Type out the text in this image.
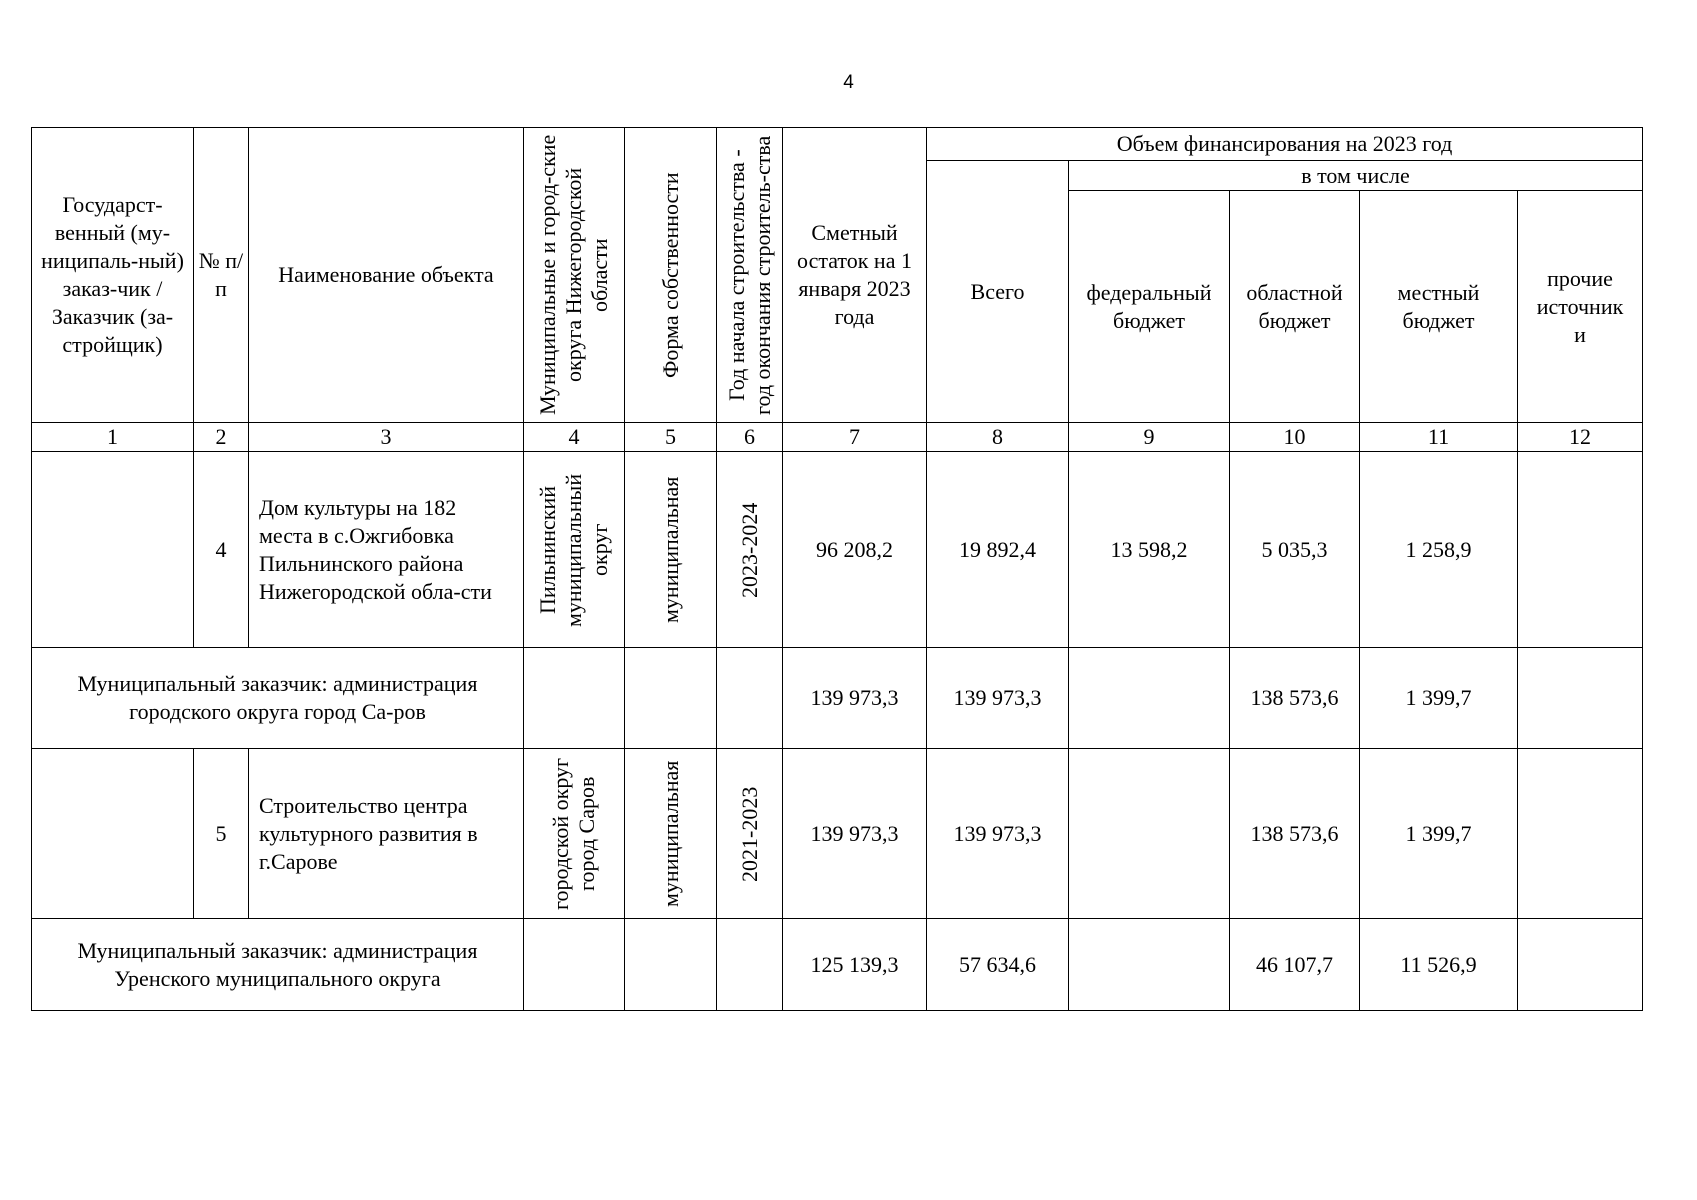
4
Государст-венный (му-ниципаль-ный) заказ-чик / Заказчик (за-стройщик)	№ п/п	Наименование объекта	Муниципальные и город-ские округа Нижегородской области	Форма собственности	Год начала строительства - год окончания строитель-ства	Сметный остаток на 1 января 2023 года	Объем финансирования на 2023 год				
							Всего	в том числе			
								федеральный бюджет	областной бюджет	местный бюджет	прочие источник и
1	2	3	4	5	6	7	8	9	10	11	12
	4	Дом культуры на 182 места в с.Ожгибовка Пильнинского района Нижегородской обла-сти	Пильнинский муниципальный округ	муниципальная	2023-2024	96 208,2	19 892,4	13 598,2	5 035,3	1 258,9	
Муниципальный заказчик: администрация городского округа город Са-ров						139 973,3	139 973,3		138 573,6	1 399,7	
	5	Строительство центра культурного развития в г.Сарове	городской округ город Саров	муниципальная	2021-2023	139 973,3	139 973,3		138 573,6	1 399,7	
Муниципальный заказчик: администрация Уренского муниципального округа						125 139,3	57 634,6		46 107,7	11 526,9	
